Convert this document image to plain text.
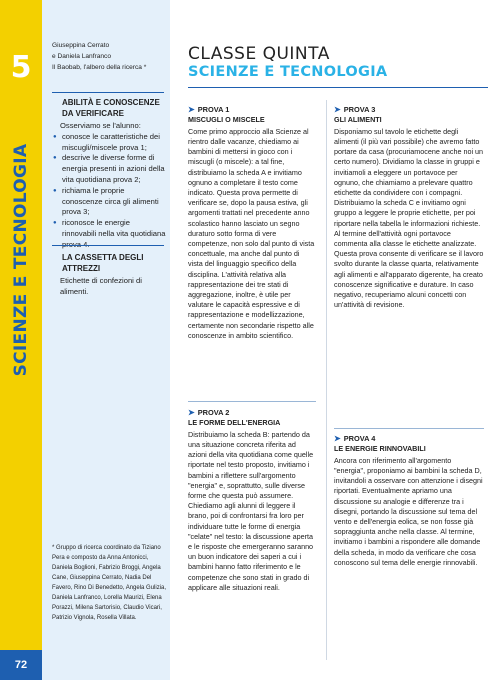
5
SCIENZE E TECNOLOGIA
72
Giuseppina Cerrato
e Daniela Lanfranco
Il Baobab, l'albero della ricerca *
ABILITÀ E CONOSCENZE DA VERIFICARE
Osserviamo se l'alunno:
● conosce le caratteristiche dei miscugli/miscele prova 1;
● descrive le diverse forme di energia presenti in azioni della vita quotidiana prova 2;
● richiama le proprie conoscenze circa gli alimenti prova 3;
● riconosce le energie rinnovabili nella vita quotidiana prova 4.
LA CASSETTA DEGLI ATTREZZI
Etichette di confezioni di alimenti.
* Gruppo di ricerca coordinato da Tiziano Pera e composto da Anna Antonicci, Daniela Boglioni, Fabrizio Broggi, Angela Cane, Giuseppina Cerrato, Nadia Del Favero, Rino Di Benedetto, Angela Gulizia, Daniela Lanfranco, Lorella Maurizi, Elena Porazzi, Milena Sartorisio, Claudio Vicari, Patrizio Vignola, Rosella Villata.
CLASSE QUINTA
SCIENZE E TECNOLOGIA
➤ PROVA 1
MISCUGLI O MISCELE
Come primo approccio alla Scienze al rientro dalle vacanze, chiediamo ai bambini di mettersi in gioco con i miscugli (o miscele): a tal fine, distribuiamo la scheda A e invitiamo ognuno a completare il testo come indicato. Questa prova permette di verificare se, dopo la pausa estiva, gli argomenti trattati nel precedente anno scolastico hanno lasciato un segno duraturo sotto forma di vere competenze, non solo dal punto di vista concettuale, ma anche dal punto di vista del linguaggio specifico della disciplina. L'attività relativa alla rappresentazione dei tre stati di aggregazione, inoltre, è utile per valutare le capacità espressive e di rappresentazione e modellizzazione, certamente non secondarie rispetto alle conoscenze in ambito scientifico.
➤ PROVA 2
LE FORME DELL'ENERGIA
Distribuiamo la scheda B: partendo da una situazione concreta riferita ad azioni della vita quotidiana come quelle riportate nel testo proposto, invitiamo i bambini a riflettere sull'argomento "energia" e, soprattutto, sulle diverse forme che questa può assumere. Chiediamo agli alunni di leggere il brano, poi di confrontarsi fra loro per individuare tutte le forme di energia "celate" nel testo: la discussione aperta e le risposte che emergeranno saranno un buon indicatore dei saperi a cui i bambini hanno fatto riferimento e le competenze che sono stati in grado di applicare alle situazioni reali.
➤ PROVA 3
GLI ALIMENTI
Disponiamo sul tavolo le etichette degli alimenti (il più vari possibile) che avremo fatto portare da casa (procuriamocene anche noi un certo numero). Dividiamo la classe in gruppi e invitiamoli a eleggere un portavoce per ognuno, che chiamiamo a prelevare quattro etichette da condividere con i compagni. Distribuiamo la scheda C e invitiamo ogni gruppo a leggere le proprie etichette, per poi riportare nella tabella le informazioni richieste. Al termine dell'attività ogni portavoce commenta alla classe le etichette analizzate. Questa prova consente di verificare se il lavoro svolto durante la classe quarta, relativamente agli alimenti e all'apparato digerente, ha creato conoscenze significative e durature. In caso negativo, recuperiamo alcuni concetti con un'attività di revisione.
➤ PROVA 4
LE ENERGIE RINNOVABILI
Ancora con riferimento all'argomento "energia", proponiamo ai bambini la scheda D, invitandoli a osservare con attenzione i disegni riportati. Eventualmente apriamo una discussione su analogie e differenze tra i disegni, portando la discussione sul tema del vento e dell'energia eolica, se non fosse già sopraggiunta anche nella classe. Al termine, invitiamo i bambini a rispondere alle domande della scheda, in modo da verificare che cosa conoscono sul tema delle energie rinnovabili.
